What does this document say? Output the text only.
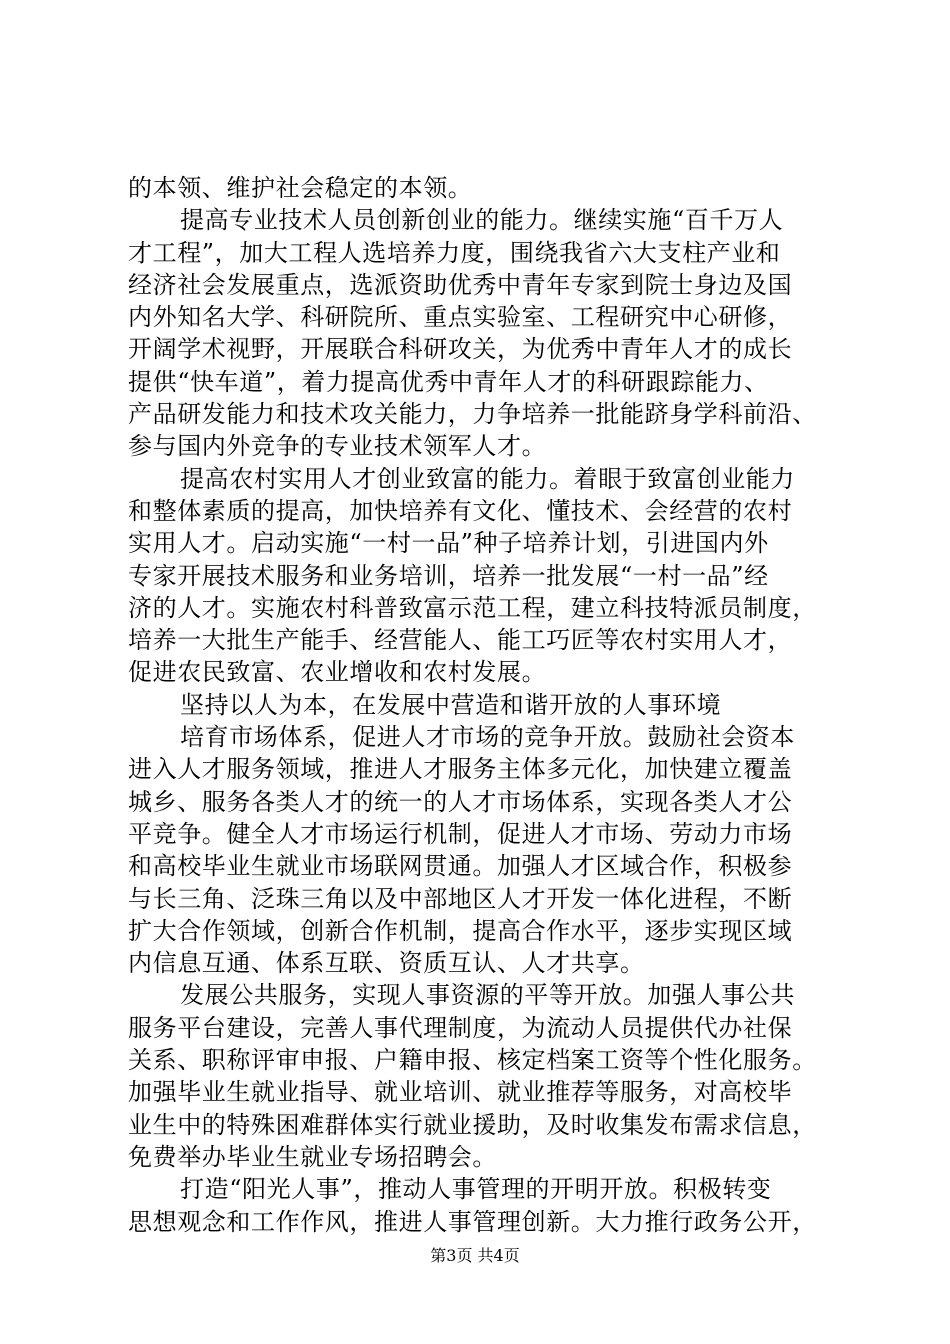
的本领、维护社会稳定的本领。
提高专业技术人员创新创业的能力。继续实施“百千万人
才工程”，加大工程人选培养力度，围绕我省六大支柱产业和
经济社会发展重点，选派资助优秀中青年专家到院士身边及国
内外知名大学、科研院所、重点实验室、工程研究中心研修，
开阔学术视野，开展联合科研攻关，为优秀中青年人才的成长
提供“快车道”，着力提高优秀中青年人才的科研跟踪能力、
产品研发能力和技术攻关能力，力争培养一批能跻身学科前沿、
参与国内外竞争的专业技术领军人才。
提高农村实用人才创业致富的能力。着眼于致富创业能力
和整体素质的提高，加快培养有文化、懂技术、会经营的农村
实用人才。启动实施“一村一品”种子培养计划，引进国内外
专家开展技术服务和业务培训，培养一批发展“一村一品”经
济的人才。实施农村科普致富示范工程，建立科技特派员制度，
培养一大批生产能手、经营能人、能工巧匠等农村实用人才，
促进农民致富、农业增收和农村发展。
坚持以人为本，在发展中营造和谐开放的人事环境
培育市场体系，促进人才市场的竞争开放。鼓励社会资本
进入人才服务领域，推进人才服务主体多元化，加快建立覆盖
城乡、服务各类人才的统一的人才市场体系，实现各类人才公
平竞争。健全人才市场运行机制，促进人才市场、劳动力市场
和高校毕业生就业市场联网贯通。加强人才区域合作，积极参
与长三角、泛珠三角以及中部地区人才开发一体化进程，不断
扩大合作领域，创新合作机制，提高合作水平，逐步实现区域
内信息互通、体系互联、资质互认、人才共享。
发展公共服务，实现人事资源的平等开放。加强人事公共
服务平台建设，完善人事代理制度，为流动人员提供代办社保
关系、职称评审申报、户籍申报、核定档案工资等个性化服务。
加强毕业生就业指导、就业培训、就业推荐等服务，对高校毕
业生中的特殊困难群体实行就业援助，及时收集发布需求信息，
免费举办毕业生就业专场招聘会。
打造“阳光人事”，推动人事管理的开明开放。积极转变
思想观念和工作作风，推进人事管理创新。大力推行政务公开，
第3页 共4页
